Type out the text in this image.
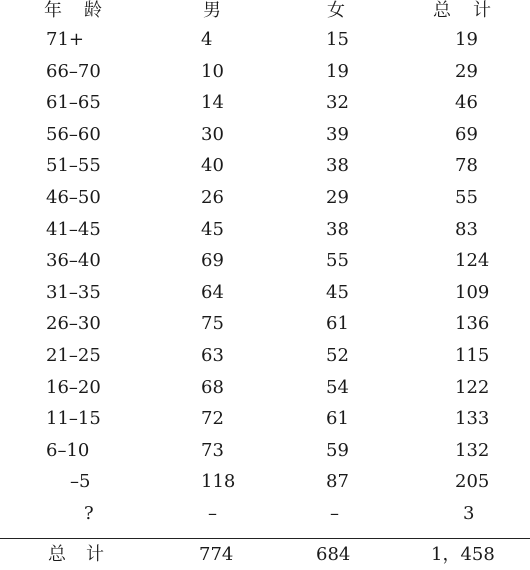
年龄	男	女	总计
71+	4	15	19
66–70	10	19	29
61–65	14	32	46
56–60	30	39	69
51–55	40	38	78
46–50	26	29	55
41–45	45	38	83
36–40	69	55	124
31–35	64	45	109
26–30	75	61	136
21–25	63	52	115
16–20	68	54	122
11–15	72	61	133
6–10	73	59	132
–5	118	87	205
?	–	–	3
总计	774	684	1，458
